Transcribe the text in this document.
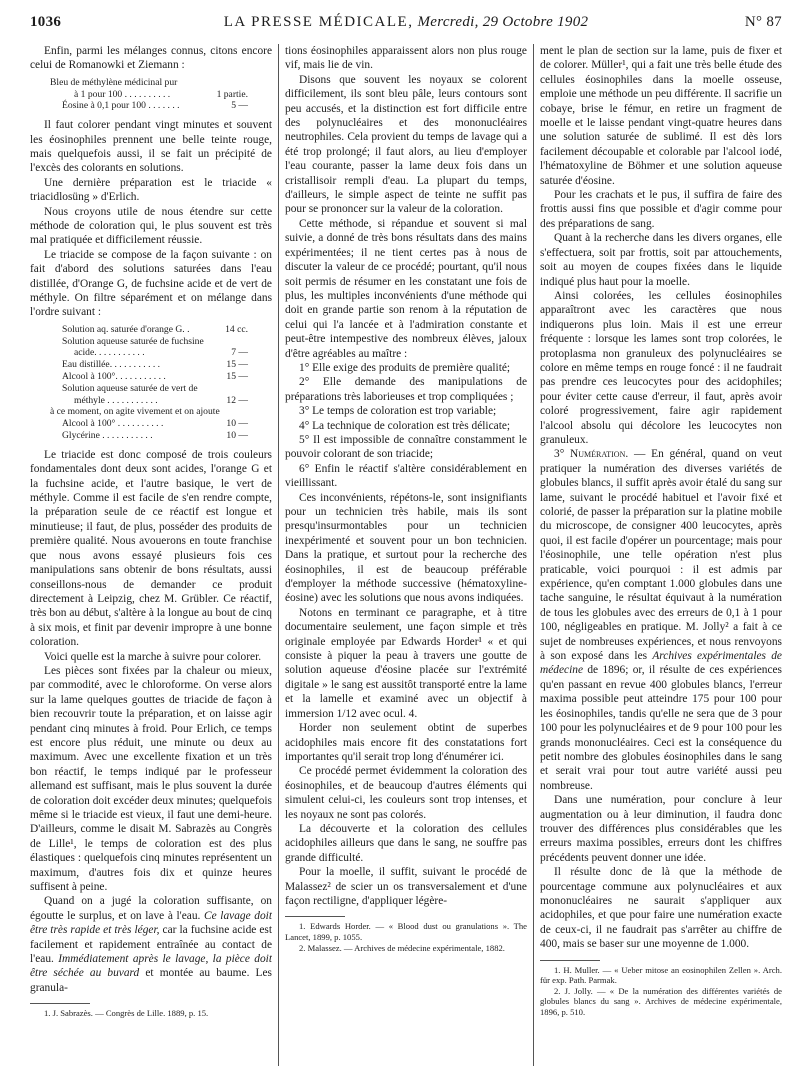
1036	LA PRESSE MÉDICALE, Mercredi, 29 Octobre 1902	N° 87

Enfin, parmi les mélanges connus, citons encore celui de Romanowki et Ziemann :

Bleu de méthylène médicinal pur
à 1 pour 100 . . . . . . . . . .	1 partie.
Éosine à 0,1 pour 100 . . . . . . .	5 —

Il faut colorer pendant vingt minutes et souvent les éosinophiles prennent une belle teinte rouge, mais quelquefois aussi, il se fait un précipité de l'excès des colorants en solutions.

Une dernière préparation est le triacide « triacidlosüng » d'Erlich.

Nous croyons utile de nous étendre sur cette méthode de coloration qui, le plus souvent est très mal pratiquée et difficilement réussie.

Le triacide se compose de la façon suivante : on fait d'abord des solutions saturées dans l'eau distillée, d'Orange G, de fuchsine acide et de vert de méthyle. On filtre séparément et on mélange dans l'ordre suivant :

Solution aq. saturée d'orange G. .	14 cc.
Solution aqueuse saturée de fuchsine
acide. . . . . . . . . . .	7 —
Eau distillée. . . . . . . . . . .	15 —
Alcool à 100°. . . . . . . . . . .	15 —
Solution aqueuse saturée de vert de
méthyle . . . . . . . . . . .	12 —
à ce moment, on agite vivement et on ajoute
Alcool à 100° . . . . . . . . . .	10 —
Glycérine . . . . . . . . . . .	10 —

Le triacide est donc composé de trois couleurs fondamentales dont deux sont acides, l'orange G et la fuchsine acide, et l'autre basique, le vert de méthyle. Comme il est facile de s'en rendre compte, la préparation seule de ce réactif est longue et minutieuse; il faut, de plus, posséder des produits de première qualité. Nous avouerons en toute franchise que nous avons essayé plusieurs fois ces manipulations sans obtenir de bons résultats, aussi conseillons-nous de demander ce produit directement à Leipzig, chez M. Grübler. Ce réactif, très bon au début, s'altère à la longue au bout de cinq à six mois, et finit par devenir impropre à une bonne coloration.

Voici quelle est la marche à suivre pour colorer.

Les pièces sont fixées par la chaleur ou mieux, par commodité, avec le chloroforme. On verse alors sur la lame quelques gouttes de triacide de façon à bien recouvrir toute la préparation, et on laisse agir pendant cinq minutes à froid. Pour Erlich, ce temps est encore plus réduit, une minute ou deux au maximum. Avec une excellente fixation et un très bon réactif, le temps indiqué par le professeur allemand est suffisant, mais le plus souvent la durée de coloration doit excéder deux minutes; quelquefois même si le triacide est vieux, il faut une demi-heure. D'ailleurs, comme le disait M. Sabrazès au Congrès de Lille¹, le temps de coloration est des plus élastiques : quelquefois cinq minutes représentent un maximum, d'autres fois dix et quinze heures suffisent à peine.

Quand on a jugé la coloration suffisante, on égoutte le surplus, et on lave à l'eau. Ce lavage doit être très rapide et très léger, car la fuchsine acide est facilement et rapidement entraînée au contact de l'eau. Immédiatement après le lavage, la pièce doit être séchée au buvard et montée au baume. Les granula-

1. J. Sabrazès. — Congrès de Lille. 1889, p. 15.

tions éosinophiles apparaissent alors non plus rouge vif, mais lie de vin.

Disons que souvent les noyaux se colorent difficilement, ils sont bleu pâle, leurs contours sont peu accusés, et la distinction est fort difficile entre des polynucléaires et des mononucléaires neutrophiles. Cela provient du temps de lavage qui a été trop prolongé; il faut alors, au lieu d'employer l'eau courante, passer la lame deux fois dans un cristallisoir rempli d'eau. La plupart du temps, d'ailleurs, le simple aspect de teinte ne suffit pas pour se prononcer sur la valeur de la coloration.

Cette méthode, si répandue et souvent si mal suivie, a donné de très bons résultats dans des mains expérimentées; il ne tient certes pas à nous de discuter la valeur de ce procédé; pourtant, qu'il nous soit permis de résumer en les constatant une fois de plus, les multiples inconvénients d'une méthode qui doit en grande partie son renom à la réputation de celui qui l'a lancée et à l'admiration constante et peut-être intempestive des nombreux élèves, jaloux d'être agréables au maître :

1° Elle exige des produits de première qualité;

2° Elle demande des manipulations de préparations très laborieuses et trop compliquées ;

3° Le temps de coloration est trop variable;

4° La technique de coloration est très délicate;

5° Il est impossible de connaître constamment le pouvoir colorant de son triacide;

6° Enfin le réactif s'altère considérablement en vieillissant.

Ces inconvénients, répétons-le, sont insignifiants pour un technicien très habile, mais ils sont presqu'insurmontables pour un technicien inexpérimenté et souvent pour un bon technicien. Dans la pratique, et surtout pour la recherche des éosinophiles, il est de beaucoup préférable d'employer la méthode successive (hématoxyline-éosine) avec les solutions que nous avons indiquées.

Notons en terminant ce paragraphe, et à titre documentaire seulement, une façon simple et très originale employée par Edwards Horder¹ « et qui consiste à piquer la peau à travers une goutte de solution aqueuse d'éosine placée sur l'extrémité digitale » le sang est aussitôt transporté entre la lame et la lamelle et examiné avec un objectif à immersion 1/12 avec ocul. 4.

Horder non seulement obtint de superbes acidophiles mais encore fit des constatations fort importantes qu'il serait trop long d'énumérer ici.

Ce procédé permet évidemment la coloration des éosinophiles, et de beaucoup d'autres éléments qui simulent celui-ci, les couleurs sont trop intenses, et les noyaux ne sont pas colorés.

La découverte et la coloration des cellules acidophiles ailleurs que dans le sang, ne souffre pas grande difficulté.

Pour la moelle, il suffit, suivant le procédé de Malassez² de scier un os transversalement et d'une façon rectiligne, d'appliquer légère-

1. Edwards Horder. — « Blood dust ou granulations ». The Lancet, 1899, p. 1055.

2. Malassez. — Archives de médecine expérimentale, 1882.

ment le plan de section sur la lame, puis de fixer et de colorer. Müller¹, qui a fait une très belle étude des cellules éosinophiles dans la moelle osseuse, emploie une méthode un peu différente. Il sacrifie un cobaye, brise le fémur, en retire un fragment de moelle et le laisse pendant vingt-quatre heures dans une solution saturée de sublimé. Il est dès lors facilement découpable et colorable par l'alcool iodé, l'hématoxyline de Böhmer et une solution aqueuse saturée d'éosine.

Pour les crachats et le pus, il suffira de faire des frottis aussi fins que possible et d'agir comme pour des préparations de sang.

Quant à la recherche dans les divers organes, elle s'effectuera, soit par frottis, soit par attouchements, soit au moyen de coupes fixées dans le liquide indiqué plus haut pour la moelle.

Ainsi colorées, les cellules éosinophiles apparaîtront avec les caractères que nous indiquerons plus loin. Mais il est une erreur fréquente : lorsque les lames sont trop colorées, le protoplasma non granuleux des polynucléaires se colore en même temps en rouge foncé : il ne faudrait pas prendre ces leucocytes pour des acidophiles; pour éviter cette cause d'erreur, il faut, après avoir coloré progressivement, faire agir rapidement l'alcool absolu qui décolore les leucocytes non granuleux.

3° Numération. — En général, quand on veut pratiquer la numération des diverses variétés de globules blancs, il suffit après avoir étalé du sang sur lame, suivant le procédé habituel et l'avoir fixé et colorié, de passer la préparation sur la platine mobile du microscope, de consigner 400 leucocytes, après quoi, il est facile d'opérer un pourcentage; mais pour l'éosinophile, une telle opération n'est plus praticable, voici pourquoi : il est admis par expérience, qu'en comptant 1.000 globules dans une tache sanguine, le résultat équivaut à la numération de tous les globules avec des erreurs de 0,1 à 1 pour 100, négligeables en pratique. M. Jolly² a fait à ce sujet de nombreuses expériences, et nous renvoyons à son exposé dans les Archives expérimentales de médecine de 1896; or, il résulte de ces expériences qu'en passant en revue 400 globules blancs, l'erreur maxima possible peut atteindre 175 pour 100 pour les éosinophiles, tandis qu'elle ne sera que de 3 pour 100 pour les polynucléaires et de 9 pour 100 pour les grands mononucléaires. Ceci est la conséquence du petit nombre des globules éosinophiles dans le sang et serait vrai pour tout autre variété aussi peu nombreuse.

Dans une numération, pour conclure à leur augmentation ou à leur diminution, il faudra donc trouver des différences plus considérables que les erreurs maxima possibles, erreurs dont les chiffres précédents peuvent donner une idée.

Il résulte donc de là que la méthode de pourcentage commune aux polynucléaires et aux mononucléaires ne saurait s'appliquer aux acidophiles, et que pour faire une numération exacte de ceux-ci, il ne faudrait pas s'arrêter au chiffre de 400, mais se baser sur une moyenne de 1.000.

1. H. Muller. — « Ueber mitose an eosinophilen Zellen ». Arch. für exp. Path. Parmak.

2. J. Jolly. — « De la numération des différentes variétés de globules blancs du sang ». Archives de médecine expérimentale, 1896, p. 510.
